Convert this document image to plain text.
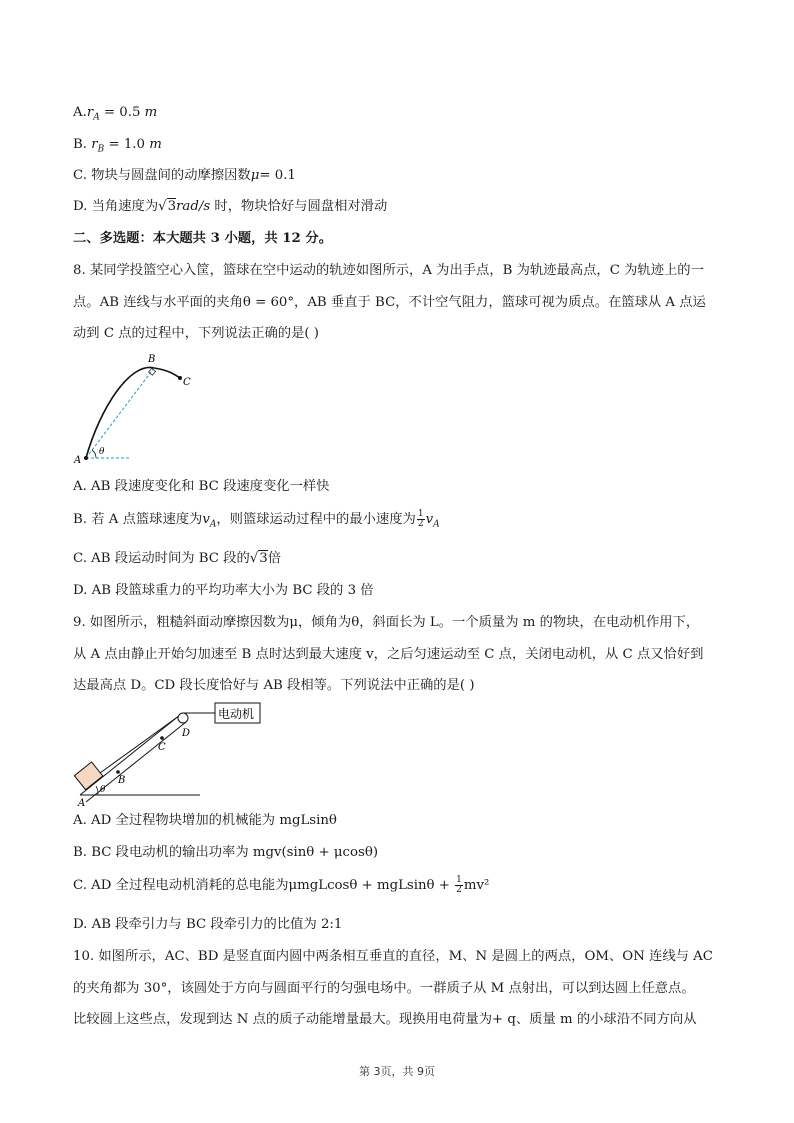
$A.r_A = 0.5$ m
B. $r_B = 1.0$ m
C. 物块与圆盘间的动摩擦因数μ= 0.1
D. 当角速度为√3rad/s 时，物块恰好与圆盘相对滑动
二、多选题：本大题共 3 小题，共 12 分。
8. 某同学投篮空心入筐，篮球在空中运动的轨迹如图所示，A 为出手点，B 为轨迹最高点，C 为轨迹上的一
点。AB 连线与水平面的夹角θ = 60°，AB 垂直于 BC，不计空气阻力，篮球可视为质点。在篮球从 A 点运
动到 C 点的过程中，下列说法正确的是( )
A
B
C
θ
A. AB 段速度变化和 BC 段速度变化一样快
B. 若 A 点篮球速度为$v_A$，则篮球运动过程中的最小速度为 $\frac{1}{2} v_A$
C. AB 段运动时间为 BC 段的√3倍
D. AB 段篮球重力的平均功率大小为 BC 段的 3 倍
9. 如图所示，粗糙斜面动摩擦因数为μ，倾角为θ，斜面长为 L。一个质量为 m 的物块，在电动机作用下，
从 A 点由静止开始匀加速至 B 点时达到最大速度 v，之后匀速运动至 C 点，关闭电动机，从 C 点又恰好到
达最高点 D。CD 段长度恰好与 AB 段相等。下列说法中正确的是( )
电动机
A
B
C
D
θ
A. AD 全过程物块增加的机械能为 mgLsinθ
B. BC 段电动机的输出功率为 mgv(sinθ + μcosθ)
C. AD 全过程电动机消耗的总电能为$\mu mgLcos\theta + mgLsin\theta + \frac{1}{2} mv^2$
D. AB 段牵引力与 BC 段牵引力的比值为 2:1
10. 如图所示，AC、BD 是竖直面内圆中两条相互垂直的直径，M、N 是圆上的两点，OM、ON 连线与 AC
的夹角都为 30°，该圆处于方向与圆面平行的匀强电场中。一群质子从 M 点射出，可以到达圆上任意点。
比较圆上这些点，发现到达 N 点的质子动能增量最大。现换用电荷量为+ q、质量 m 的小球沿不同方向从
第 3页，共 9页
